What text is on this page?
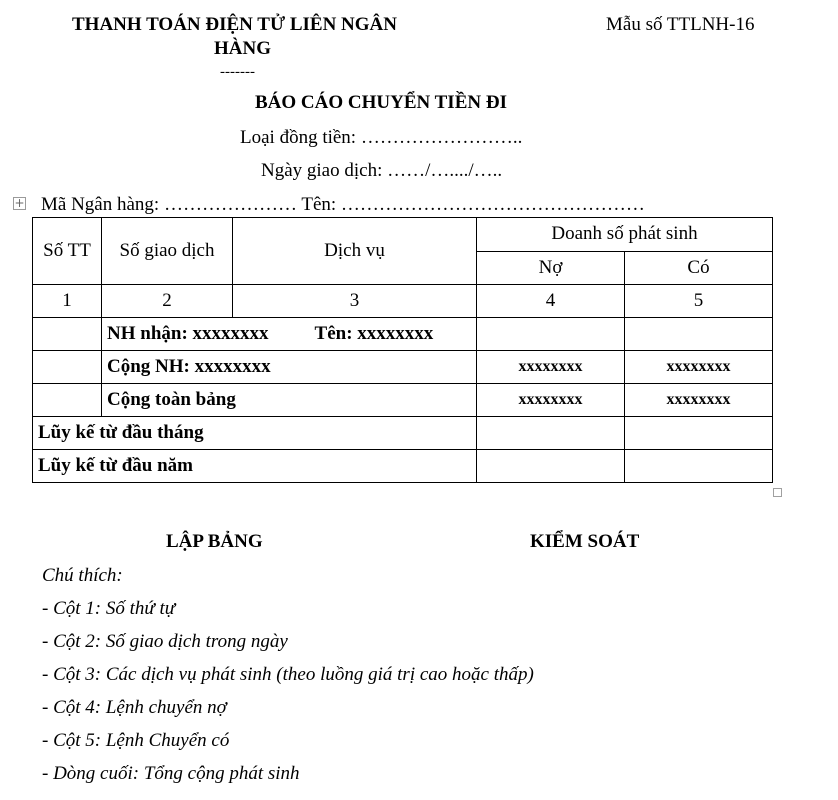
THANH TOÁN ĐIỆN TỬ LIÊN NGÂN
HÀNG
-------
Mẫu số TTLNH-16
BÁO CÁO CHUYỂN TIỀN ĐI
Loại đồng tiền: ……………………..
Ngày giao dịch: ……/…..../…..
+ Mã Ngân hàng: ………………… Tên: …………………………………………
Số TT	Số giao dịch	Dịch vụ	Doanh số phát sinh	
			Nợ	Có
1	2	3	4	5
	NH nhận: xxxxxxxx Tên: xxxxxxxx			
	Cộng NH: xxxxxxxx		xxxxxxxx	xxxxxxxx
	Cộng toàn bảng		xxxxxxxx	xxxxxxxx
Lũy kế từ đầu tháng				
Lũy kế từ đầu năm				
LẬP BẢNG	KIỂM SOÁT
Chú thích:
- Cột 1: Số thứ tự
- Cột 2: Số giao dịch trong ngày
- Cột 3: Các dịch vụ phát sinh (theo luồng giá trị cao hoặc thấp)
- Cột 4: Lệnh chuyển nợ
- Cột 5: Lệnh Chuyển có
- Dòng cuối: Tổng cộng phát sinh
